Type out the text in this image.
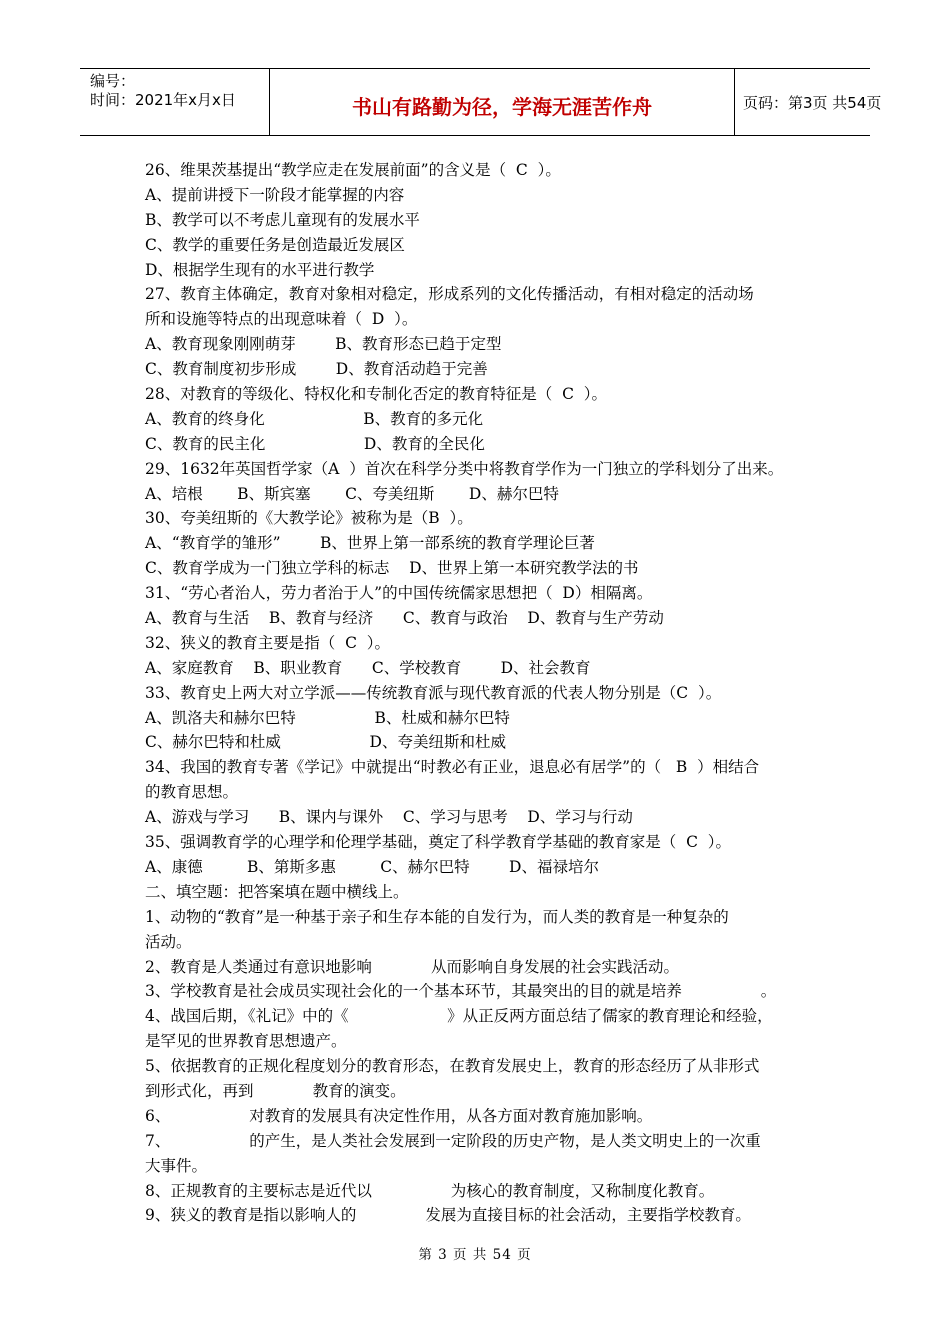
编号：
时间：2021年x月x日	书山有路勤为径，学海无涯苦作舟	页码：第3页 共54页
26、维果茨基提出“教学应走在发展前面”的含义是（  C  ）。
A、提前讲授下一阶段才能掌握的内容
B、教学可以不考虑儿童现有的发展水平
C、教学的重要任务是创造最近发展区
D、根据学生现有的水平进行教学
27、教育主体确定，教育对象相对稳定，形成系列的文化传播活动，有相对稳定的活动场
所和设施等特点的出现意味着（  D  ）。
A、教育现象刚刚萌芽        B、教育形态已趋于定型
C、教育制度初步形成        D、教育活动趋于完善
28、对教育的等级化、特权化和专制化否定的教育特征是（  C  ）。
A、教育的终身化                    B、教育的多元化
C、教育的民主化                    D、教育的全民化
29、1632年英国哲学家（A  ）首次在科学分类中将教育学作为一门独立的学科划分了出来。
A、培根       B、斯宾塞       C、夸美纽斯       D、赫尔巴特
30、夸美纽斯的《大教学论》被称为是（B  ）。
A、“教育学的雏形”        B、世界上第一部系统的教育学理论巨著
C、教育学成为一门独立学科的标志    D、世界上第一本研究教学法的书
31、“劳心者治人，劳力者治于人”的中国传统儒家思想把（  D）相隔离。
A、教育与生活    B、教育与经济      C、教育与政治    D、教育与生产劳动
32、狭义的教育主要是指（  C  ）。
A、家庭教育    B、职业教育      C、学校教育        D、社会教育
33、教育史上两大对立学派——传统教育派与现代教育派的代表人物分别是（C  ）。
A、凯洛夫和赫尔巴特                B、杜威和赫尔巴特
C、赫尔巴特和杜威                  D、夸美纽斯和杜威
34、我国的教育专著《学记》中就提出“时教必有正业，退息必有居学”的（   B  ）相结合
的教育思想。
A、游戏与学习      B、课内与课外    C、学习与思考    D、学习与行动
35、强调教育学的心理学和伦理学基础，奠定了科学教育学基础的教育家是（  C  ）。
A、康德         B、第斯多惠         C、赫尔巴特        D、福禄培尔
二、填空题：把答案填在题中横线上。
1、动物的“教育”是一种基于亲子和生存本能的自发行为，而人类的教育是一种复杂的
活动。
2、教育是人类通过有意识地影响            从而影响自身发展的社会实践活动。
3、学校教育是社会成员实现社会化的一个基本环节，其最突出的目的就是培养                。
4、战国后期，《礼记》中的《                    》从正反两方面总结了儒家的教育理论和经验，
是罕见的世界教育思想遗产。
5、依据教育的正规化程度划分的教育形态，在教育发展史上，教育的形态经历了从非形式
到形式化，再到            教育的演变。
6、                对教育的发展具有决定性作用，从各方面对教育施加影响。
7、                的产生，是人类社会发展到一定阶段的历史产物，是人类文明史上的一次重
大事件。
8、正规教育的主要标志是近代以                为核心的教育制度，又称制度化教育。
9、狭义的教育是指以影响人的              发展为直接目标的社会活动，主要指学校教育。
第 3 页 共 54 页
